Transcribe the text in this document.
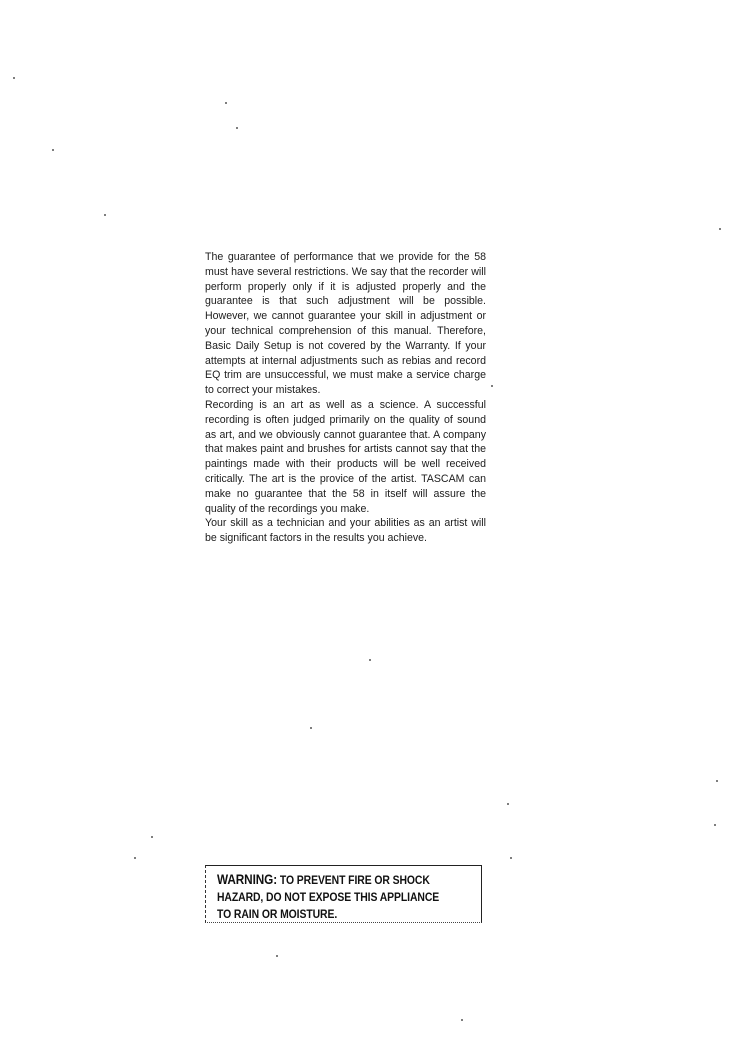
The guarantee of performance that we provide for the 58 must have several restrictions. We say that the recorder will perform properly only if it is adjusted properly and the guarantee is that such adjustment will be possible. However, we cannot guarantee your skill in adjustment or your technical comprehension of this manual. Therefore, Basic Daily Setup is not covered by the Warranty. If your attempts at internal adjustments such as rebias and record EQ trim are unsuccessful, we must make a service charge to correct your mistakes.

Recording is an art as well as a science. A successful recording is often judged primarily on the quality of sound as art, and we obviously cannot guarantee that. A company that makes paint and brushes for artists cannot say that the paintings made with their products will be well received critically. The art is the provice of the artist. TASCAM can make no guarantee that the 58 in itself will assure the quality of the recordings you make.

Your skill as a technician and your abilities as an artist will be significant factors in the results you achieve.

WARNING: TO PREVENT FIRE OR SHOCK
HAZARD, DO NOT EXPOSE THIS APPLIANCE
TO RAIN OR MOISTURE.
